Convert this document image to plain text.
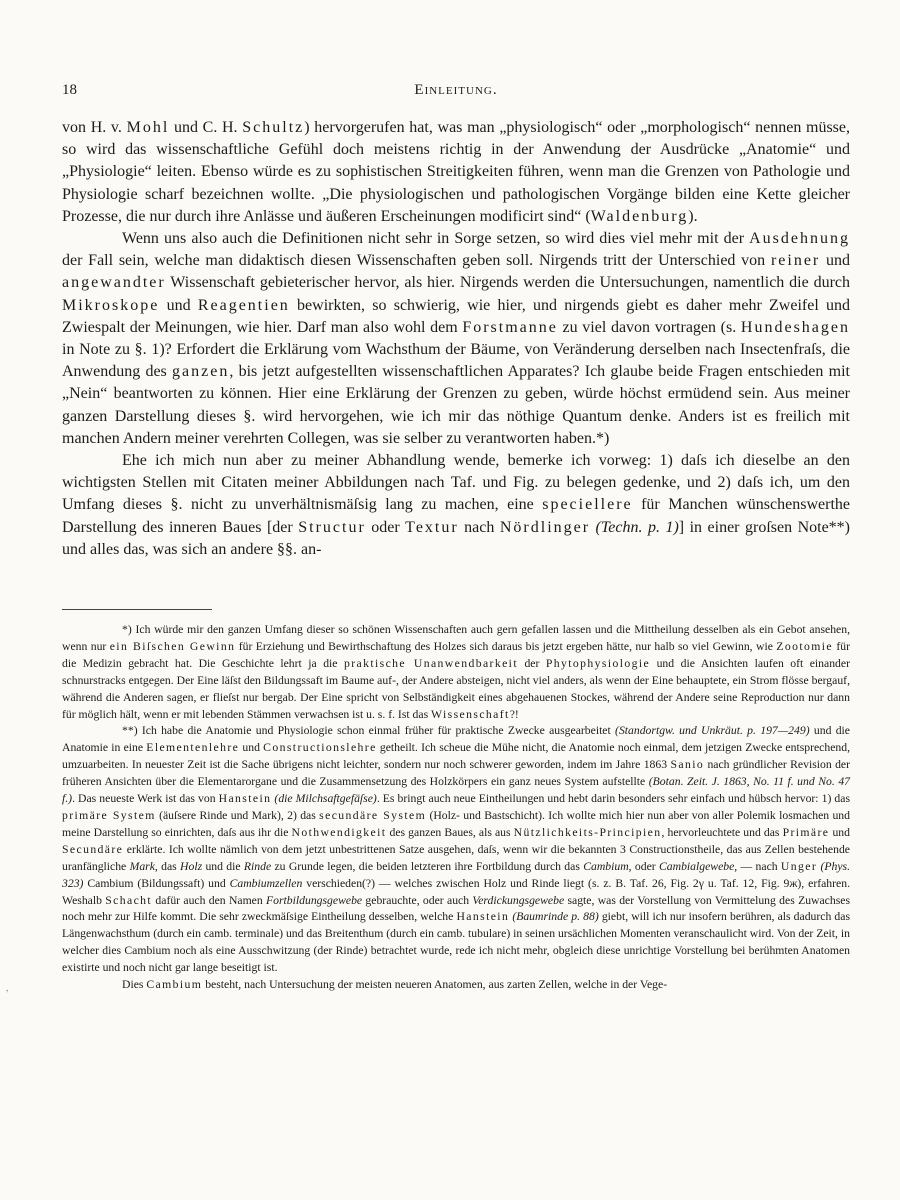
18	Einleitung.

von H. v. Mohl und C. H. Schultz) hervorgerufen hat, was man „physiologisch“ oder „morphologisch“ nennen müsse, so wird das wissenschaftliche Gefühl doch meistens richtig in der Anwendung der Ausdrücke „Anatomie“ und „Physiologie“ leiten. Ebenso würde es zu sophistischen Streitigkeiten führen, wenn man die Grenzen von Pathologie und Physiologie scharf bezeichnen wollte. „Die physiologischen und pathologischen Vorgänge bilden eine Kette gleicher Prozesse, die nur durch ihre Anlässe und äußeren Erscheinungen modificirt sind“ (Waldenburg).

Wenn uns also auch die Definitionen nicht sehr in Sorge setzen, so wird dies viel mehr mit der Ausdehnung der Fall sein, welche man didaktisch diesen Wissenschaften geben soll. Nirgends tritt der Unterschied von reiner und angewandter Wissenschaft gebieterischer hervor, als hier. Nirgends werden die Untersuchungen, namentlich die durch Mikroskope und Reagentien bewirkten, so schwierig, wie hier, und nirgends giebt es daher mehr Zweifel und Zwiespalt der Meinungen, wie hier. Darf man also wohl dem Forstmanne zu viel davon vortragen (s. Hundeshagen in Note zu §. 1)? Erfordert die Erklärung vom Wachsthum der Bäume, von Veränderung derselben nach Insectenfraſs, die Anwendung des ganzen, bis jetzt aufgestellten wissenschaftlichen Apparates? Ich glaube beide Fragen entschieden mit „Nein“ beantworten zu können. Hier eine Erklärung der Grenzen zu geben, würde höchst ermüdend sein. Aus meiner ganzen Darstellung dieses §. wird hervorgehen, wie ich mir das nöthige Quantum denke. Anders ist es freilich mit manchen Andern meiner verehrten Collegen, was sie selber zu verantworten haben.*)

Ehe ich mich nun aber zu meiner Abhandlung wende, bemerke ich vorweg: 1) daſs ich dieselbe an den wichtigsten Stellen mit Citaten meiner Abbildungen nach Taf. und Fig. zu belegen gedenke, und 2) daſs ich, um den Umfang dieses §. nicht zu unverhältnismäſsig lang zu machen, eine speciellere für Manchen wünschenswerthe Darstellung des inneren Baues [der Structur oder Textur nach Nördlinger (Techn. p. 1)] in einer groſsen Note**) und alles das, was sich an andere §§. an-

*) Ich würde mir den ganzen Umfang dieser so schönen Wissenschaften auch gern gefallen lassen und die Mittheilung desselben als ein Gebot ansehen, wenn nur ein Biſschen Gewinn für Erziehung und Bewirthschaftung des Holzes sich daraus bis jetzt ergeben hätte, nur halb so viel Gewinn, wie Zootomie für die Medizin gebracht hat. Die Geschichte lehrt ja die praktische Unanwendbarkeit der Phytophysiologie und die Ansichten laufen oft einander schnurstracks entgegen. Der Eine läſst den Bildungssaft im Baume auf-, der Andere absteigen, nicht viel anders, als wenn der Eine behauptete, ein Strom flösse bergauf, während die Anderen sagen, er flieſst nur bergab. Der Eine spricht von Selbständigkeit eines abgehauenen Stockes, während der Andere seine Reproduction nur dann für möglich hält, wenn er mit lebenden Stämmen verwachsen ist u. s. f. Ist das Wissenschaft?!

**) Ich habe die Anatomie und Physiologie schon einmal früher für praktische Zwecke ausgearbeitet (Standortgw. und Unkräut. p. 197—249) und die Anatomie in eine Elementenlehre und Constructionslehre getheilt. Ich scheue die Mühe nicht, die Anatomie noch einmal, dem jetzigen Zwecke entsprechend, umzuarbeiten. In neuester Zeit ist die Sache übrigens nicht leichter, sondern nur noch schwerer geworden, indem im Jahre 1863 Sanio nach gründlicher Revision der früheren Ansichten über die Elementarorgane und die Zusammensetzung des Holzkörpers ein ganz neues System aufstellte (Botan. Zeit. J. 1863, No. 11 f. und No. 47 f.). Das neueste Werk ist das von Hanstein (die Milchsaftgefäſse). Es bringt auch neue Eintheilungen und hebt darin besonders sehr einfach und hübsch hervor: 1) das primäre System (äuſsere Rinde und Mark), 2) das secundäre System (Holz- und Bastschicht). Ich wollte mich hier nun aber von aller Polemik losmachen und meine Darstellung so einrichten, daſs aus ihr die Nothwendigkeit des ganzen Baues, als aus Nützlichkeits-Principien, hervorleuchtete und das Primäre und Secundäre erklärte. Ich wollte nämlich von dem jetzt unbestrittenen Satze ausgehen, daſs, wenn wir die bekannten 3 Constructionstheile, das aus Zellen bestehende uranfängliche Mark, das Holz und die Rinde zu Grunde legen, die beiden letzteren ihre Fortbildung durch das Cambium, oder Cambialgewebe, — nach Unger (Phys. 323) Cambium (Bildungssaft) und Cambiumzellen verschieden(?) — welches zwischen Holz und Rinde liegt (s. z. B. Taf. 26, Fig. 2γ u. Taf. 12, Fig. 9ж), erfahren. Weshalb Schacht dafür auch den Namen Fortbildungsgewebe gebrauchte, oder auch Verdickungsgewebe sagte, was der Vorstellung von Vermittelung des Zuwachses noch mehr zur Hilfe kommt. Die sehr zweckmäſsige Eintheilung desselben, welche Hanstein (Baumrinde p. 88) giebt, will ich nur insofern berühren, als dadurch das Längenwachsthum (durch ein camb. terminale) und das Breitenthum (durch ein camb. tubulare) in seinen ursächlichen Momenten veranschaulicht wird. Von der Zeit, in welcher dies Cambium noch als eine Ausschwitzung (der Rinde) betrachtet wurde, rede ich nicht mehr, obgleich diese unrichtige Vorstellung bei berühmten Anatomen existirte und noch nicht gar lange beseitigt ist.

Dies Cambium besteht, nach Untersuchung der meisten neueren Anatomen, aus zarten Zellen, welche in der Vege-

ʼ
